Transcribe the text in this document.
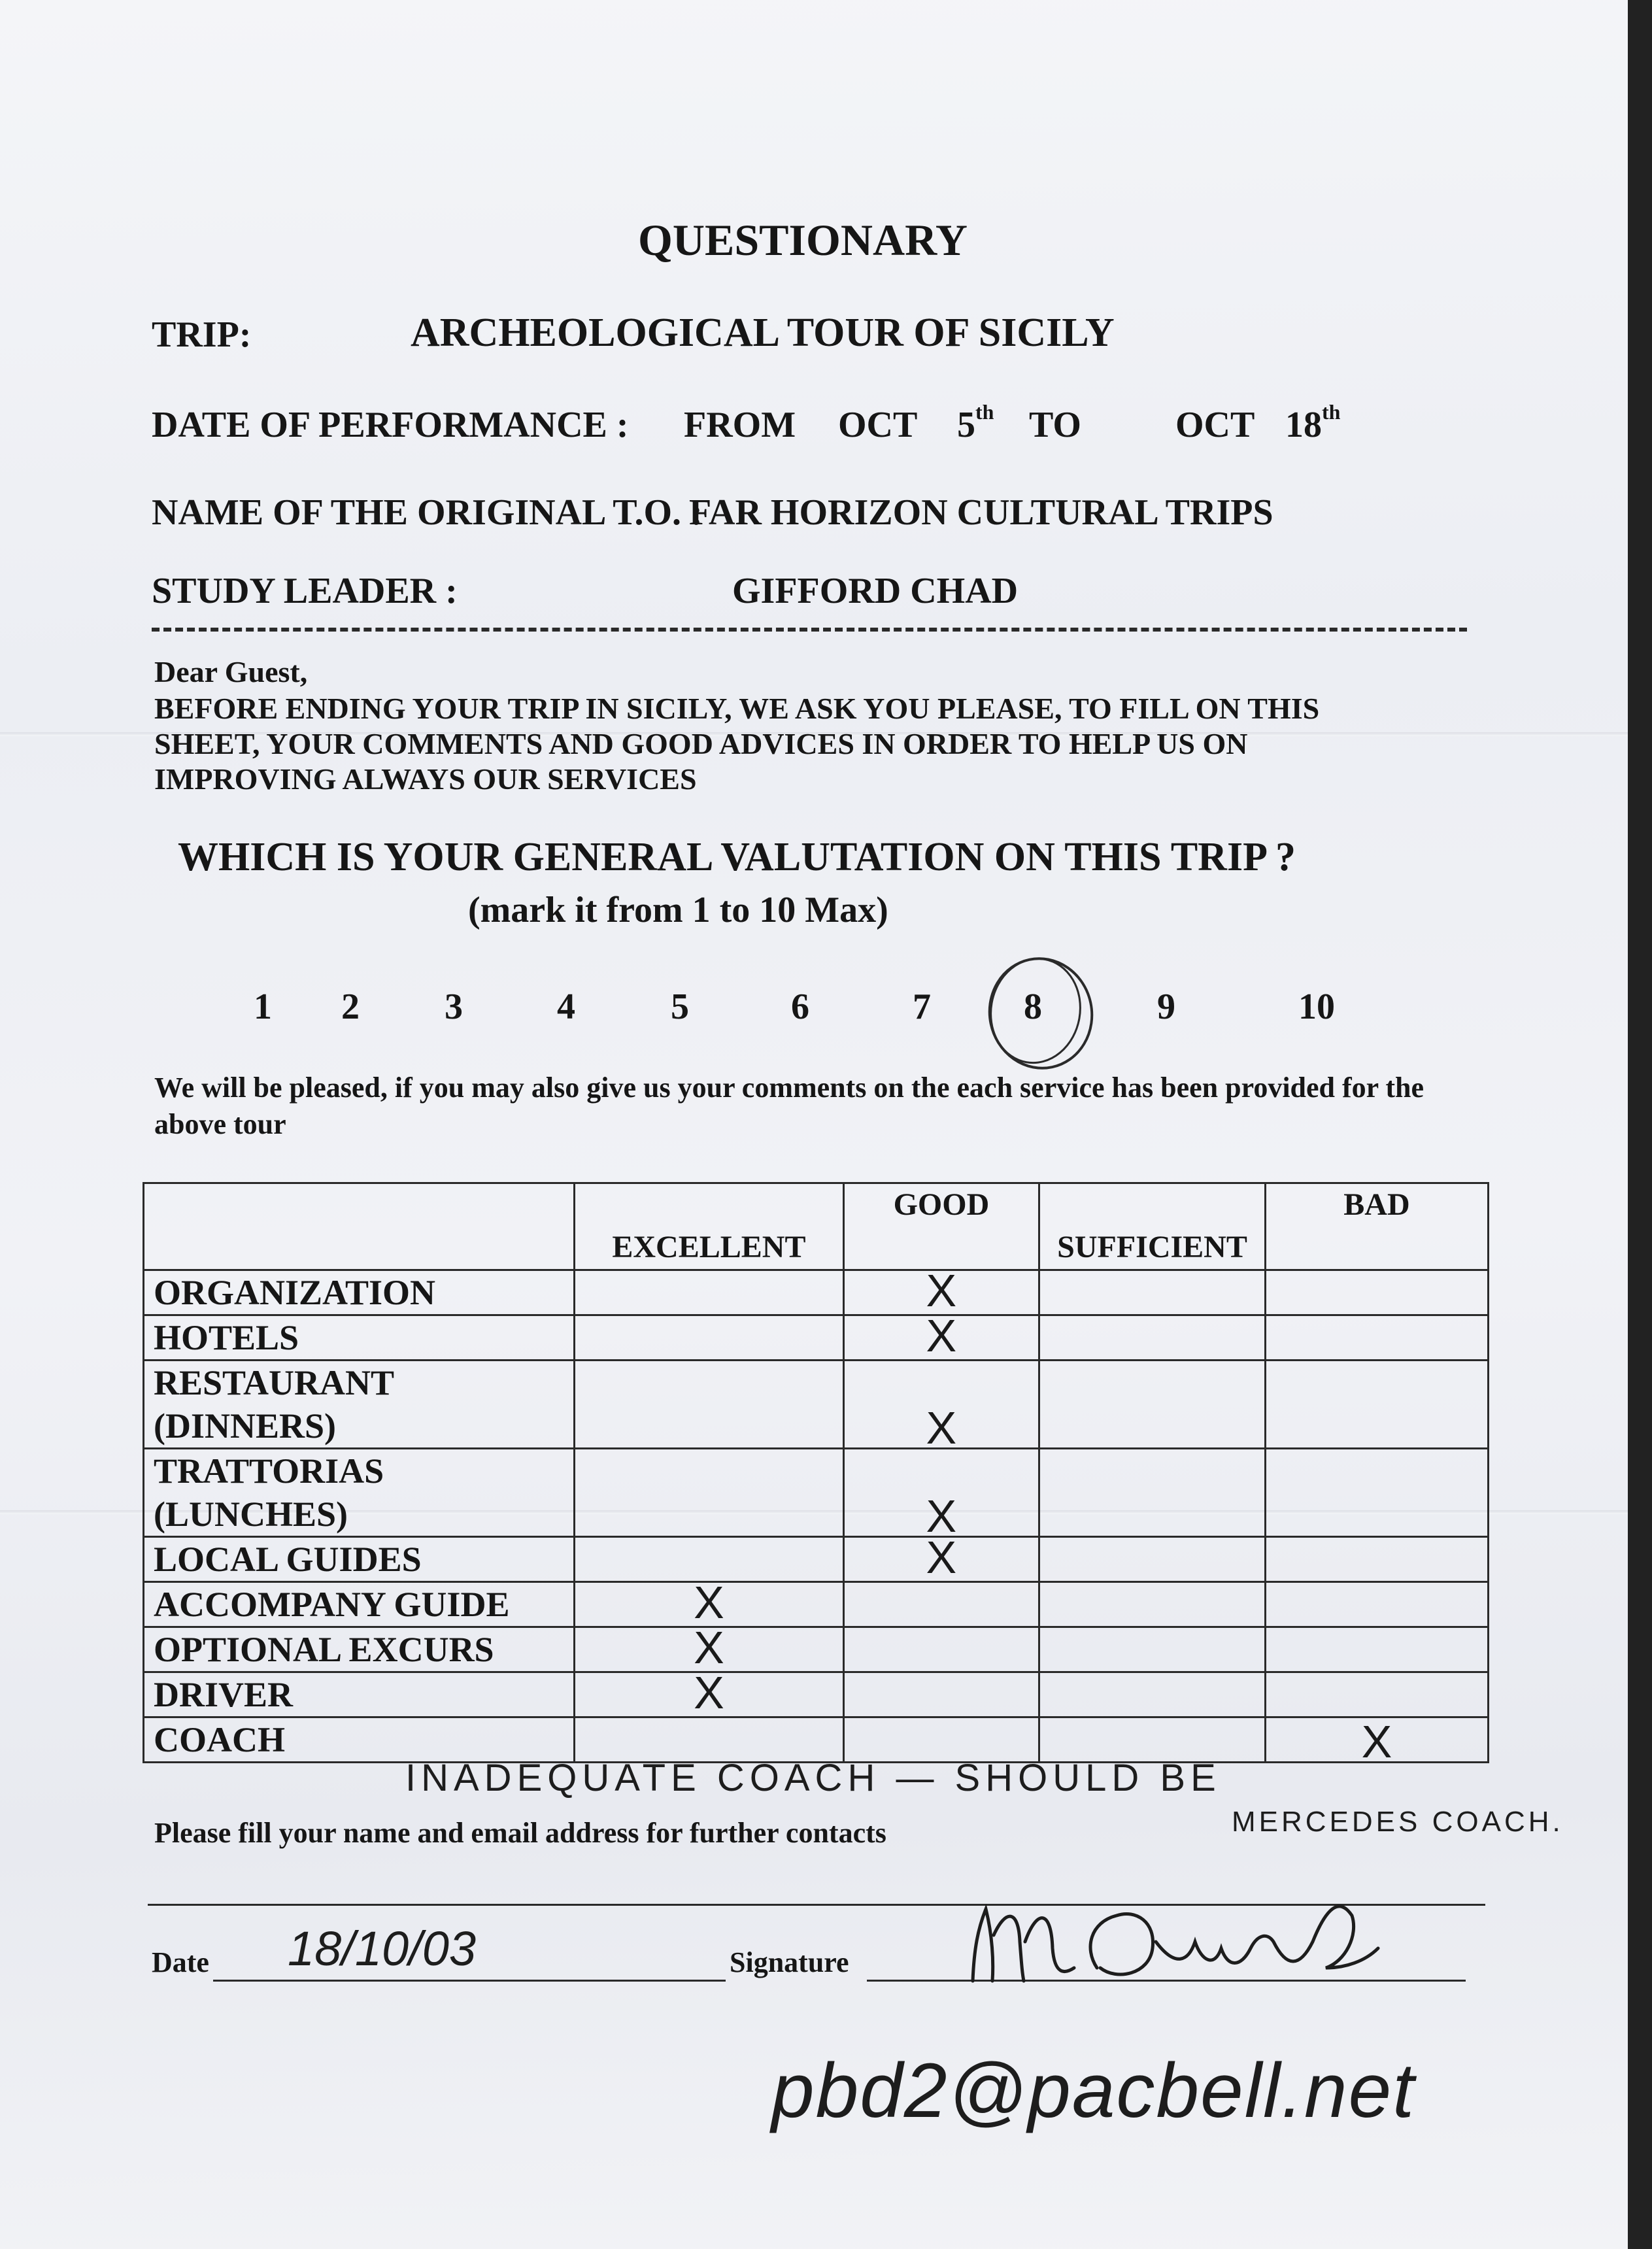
QUESTIONARY
TRIP:	ARCHEOLOGICAL TOUR OF SICILY
DATE OF PERFORMANCE : FROM OCT 5th TO	OCT 18th
NAME OF THE ORIGINAL T.O. :
FAR HORIZON CULTURAL TRIPS
STUDY LEADER :	GIFFORD CHAD
Dear Guest,
BEFORE ENDING YOUR TRIP IN SICILY, WE ASK YOU PLEASE, TO FILL ON THIS
SHEET, YOUR COMMENTS AND GOOD ADVICES IN ORDER TO HELP US ON
IMPROVING ALWAYS OUR SERVICES
WHICH IS YOUR GENERAL VALUTATION ON THIS TRIP ?
(mark it from 1 to 10 Max)
1 2 3	4	5	6	7	8	9	10
We will be pleased, if you may also give us your comments on the each service has been provided for the above tour
	EXCELLENT	GOOD	SUFFICIENT	BAD
ORGANIZATION		X		
HOTELS		X		

RESTAURANT
(DINNERS)		X		

TRATTORIAS
(LUNCHES)		X		
LOCAL GUIDES		X		
ACCOMPANY GUIDE	X			
OPTIONAL EXCURS	X			
DRIVER	X			
COACH				X
INADEQUATE COACH — SHOULD BE
MERCEDES COACH.
Please fill your name and email address for further contacts
Date 18/10/03	Signature
pbd2@pacbell.net
